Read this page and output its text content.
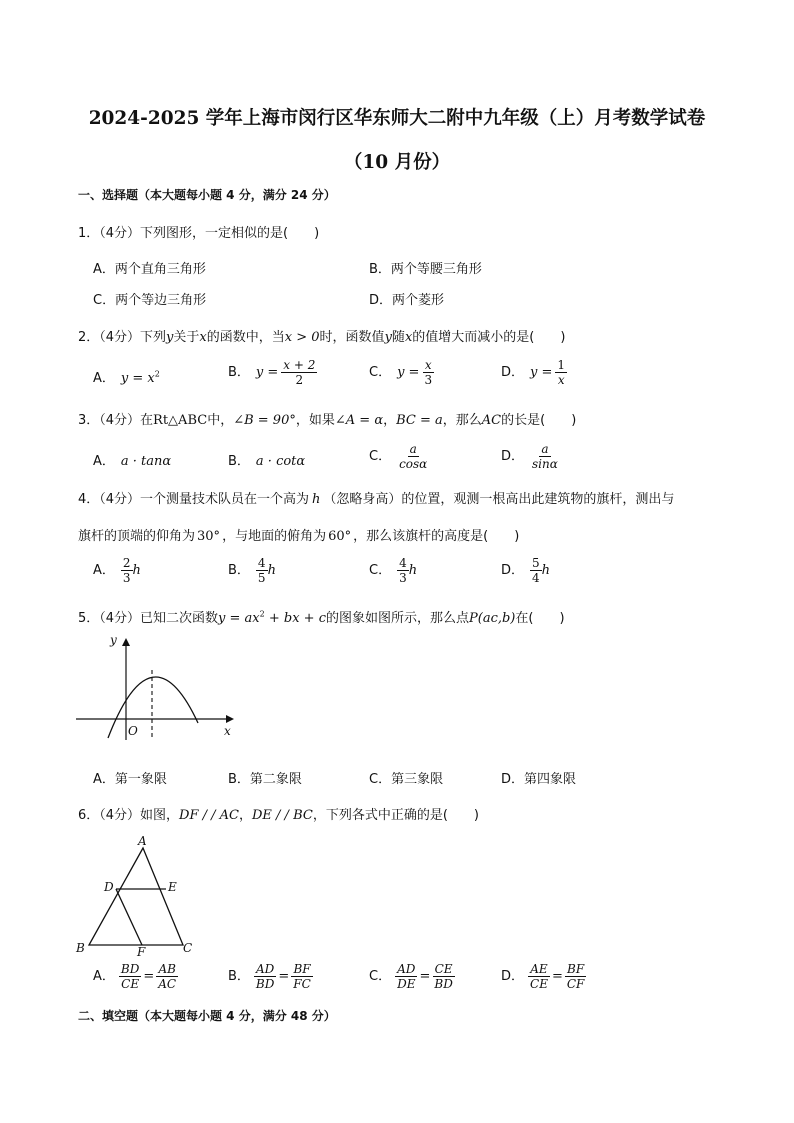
2024-2025 学年上海市闵行区华东师大二附中九年级（上）月考数学试卷
（10 月份）
一、选择题（本大题每小题 4 分，满分 24 分）
1．（4分）下列图形，一定相似的是(　　)
A．两个直角三角形	B．两个等腰三角形
C．两个等边三角形	D．两个菱形
2．（4分）下列y关于x的函数中，当x > 0时，函数值y随x的值增大而减小的是(　　)
A． $y = x^2$	B． $y = \frac{x + 2}{2}$	C． $y = \frac{x}{3}$	D． $y = \frac{1}{x}$
3．（4分）在Rt△ABC中，∠B = 90°，如果∠A = α，BC = a，那么AC的长是(　　)
A． a · tanα	B． a · cotα	C． $\frac{a}{\cos\alpha}$	D． $\frac{a}{\sin\alpha}$
4．（4分）一个测量技术队员在一个高为 h （忽略身高）的位置，观测一根高出此建筑物的旗杆，测出与
旗杆的顶端的仰角为 30° ，与地面的俯角为 60° ，那么该旗杆的高度是(　　)
A． $\frac{2}{3}$ h	B． $\frac{4}{5}$ h	C． $\frac{4}{3}$ h	D． $\frac{5}{4}$ h
5．（4分）已知二次函数$y = ax^2$ + bx + c的图象如图所示，那么点P(ac,b)在(　　)
y
x
O
A．第一象限	B．第二象限	C．第三象限	D．第四象限
6．（4分）如图，DF / / AC，DE / / BC，下列各式中正确的是(　　)
A
B	C
D	E
F
A． $\frac{BD}{CE} = \frac{AB}{AC}$	B． $\frac{AD}{BD} = \frac{BF}{FC}$	C． $\frac{AD}{DE} = \frac{CE}{BD}$	D． $\frac{AE}{CE} = \frac{BF}{CF}$
二、填空题（本大题每小题 4 分，满分 48 分）
